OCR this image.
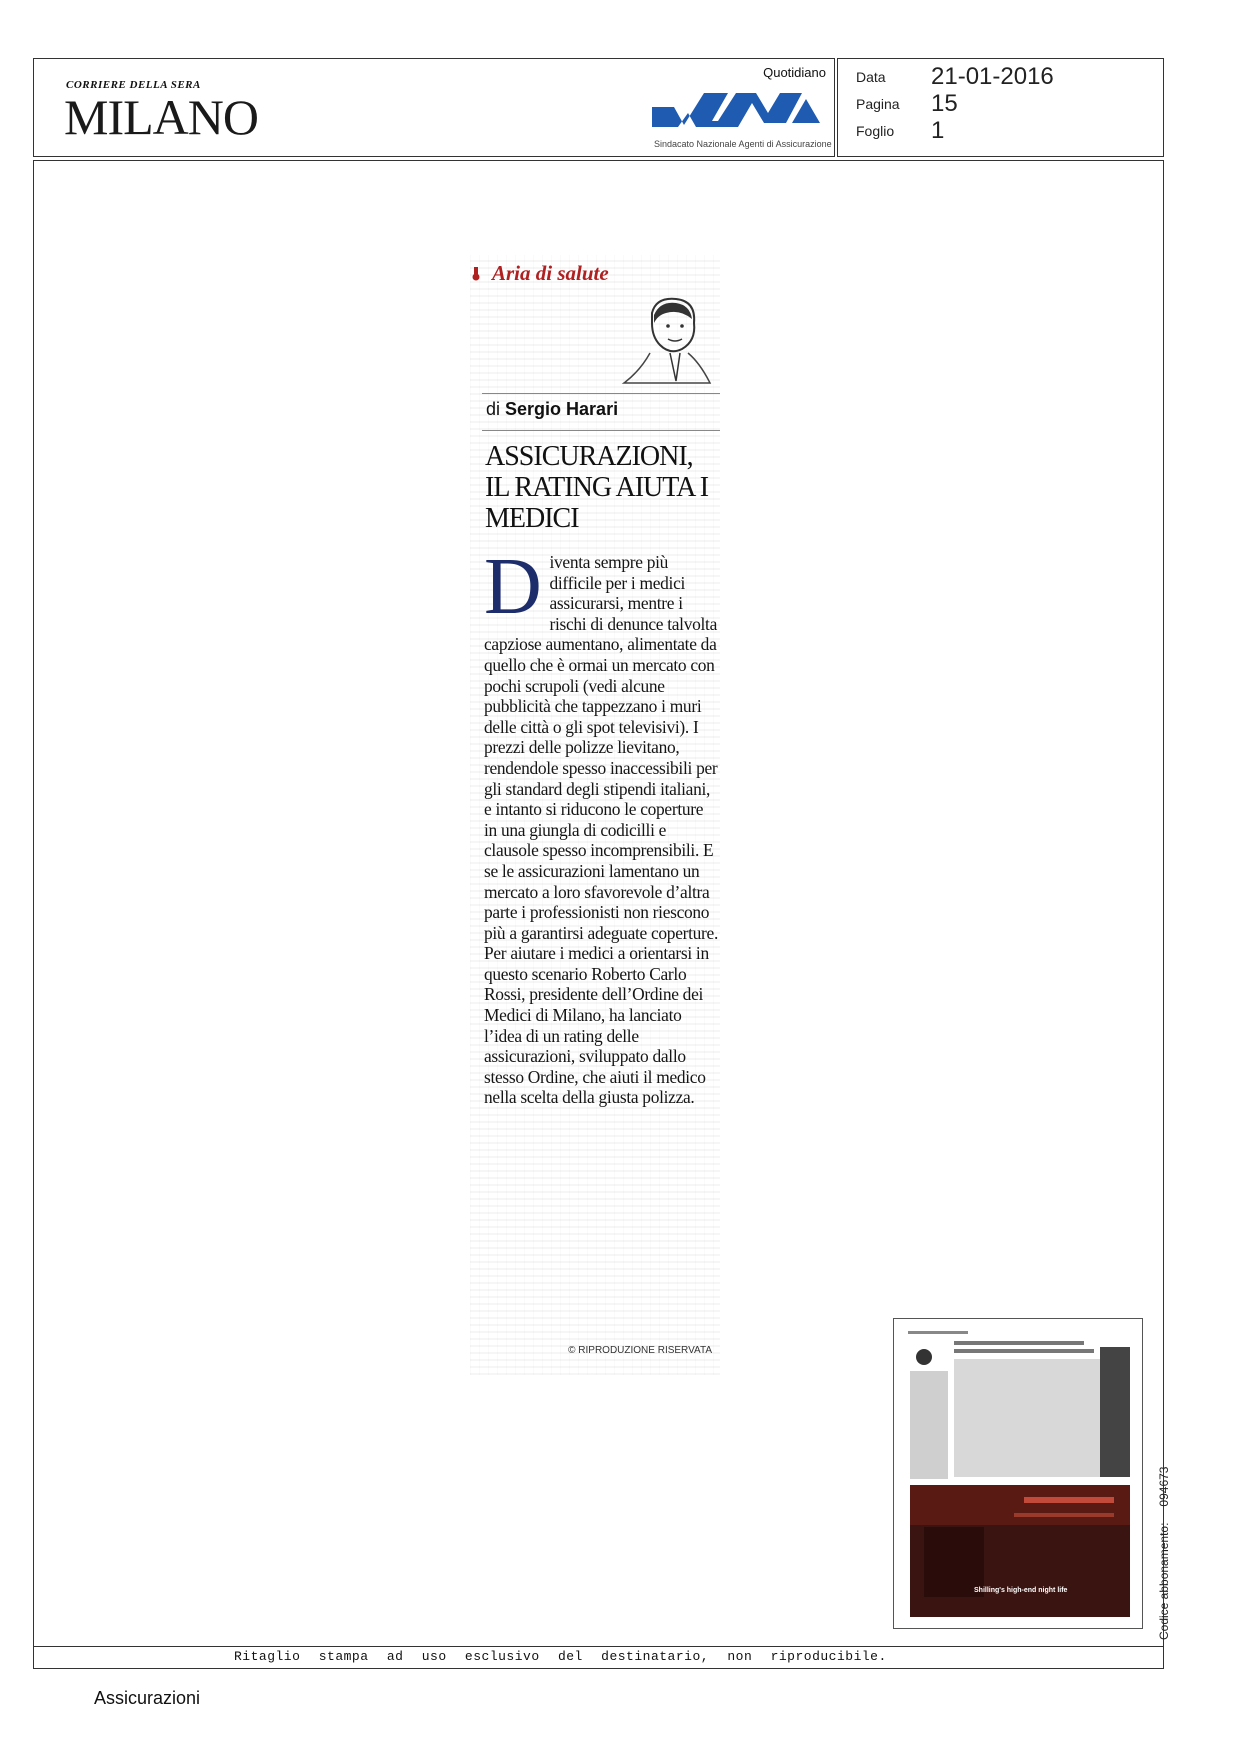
CORRIERE DELLA SERA
MILANO
Quotidiano
Sindacato Nazionale Agenti di Assicurazione
Data 21-01-2016
Pagina 15
Foglio 1
Aria di salute
di Sergio Harari
ASSICURAZIONI, IL RATING AIUTA I MEDICI
Diventa sempre più difficile per i medici assicurarsi, mentre i rischi di denunce talvolta capziose aumentano, alimentate da quello che è ormai un mercato con pochi scrupoli (vedi alcune pubblicità che tappezzano i muri delle città o gli spot televisivi). I prezzi delle polizze lievitano, rendendole spesso inaccessibili per gli standard degli stipendi italiani, e intanto si riducono le coperture in una giungla di codicilli e clausole spesso incomprensibili. E se le assicurazioni lamentano un mercato a loro sfavorevole d’altra parte i professionisti non riescono più a garantirsi adeguate coperture. Per aiutare i medici a orientarsi in questo scenario Roberto Carlo Rossi, presidente dell’Ordine dei Medici di Milano, ha lanciato l’idea di un rating delle assicurazioni, sviluppato dallo stesso Ordine, che aiuti il medico nella scelta della giusta polizza.
© RIPRODUZIONE RISERVATA
Shilling's high-end night life
Ritaglio stampa ad uso esclusivo del destinatario, non riproducibile.
Codice abbonamento:094673
Assicurazioni
